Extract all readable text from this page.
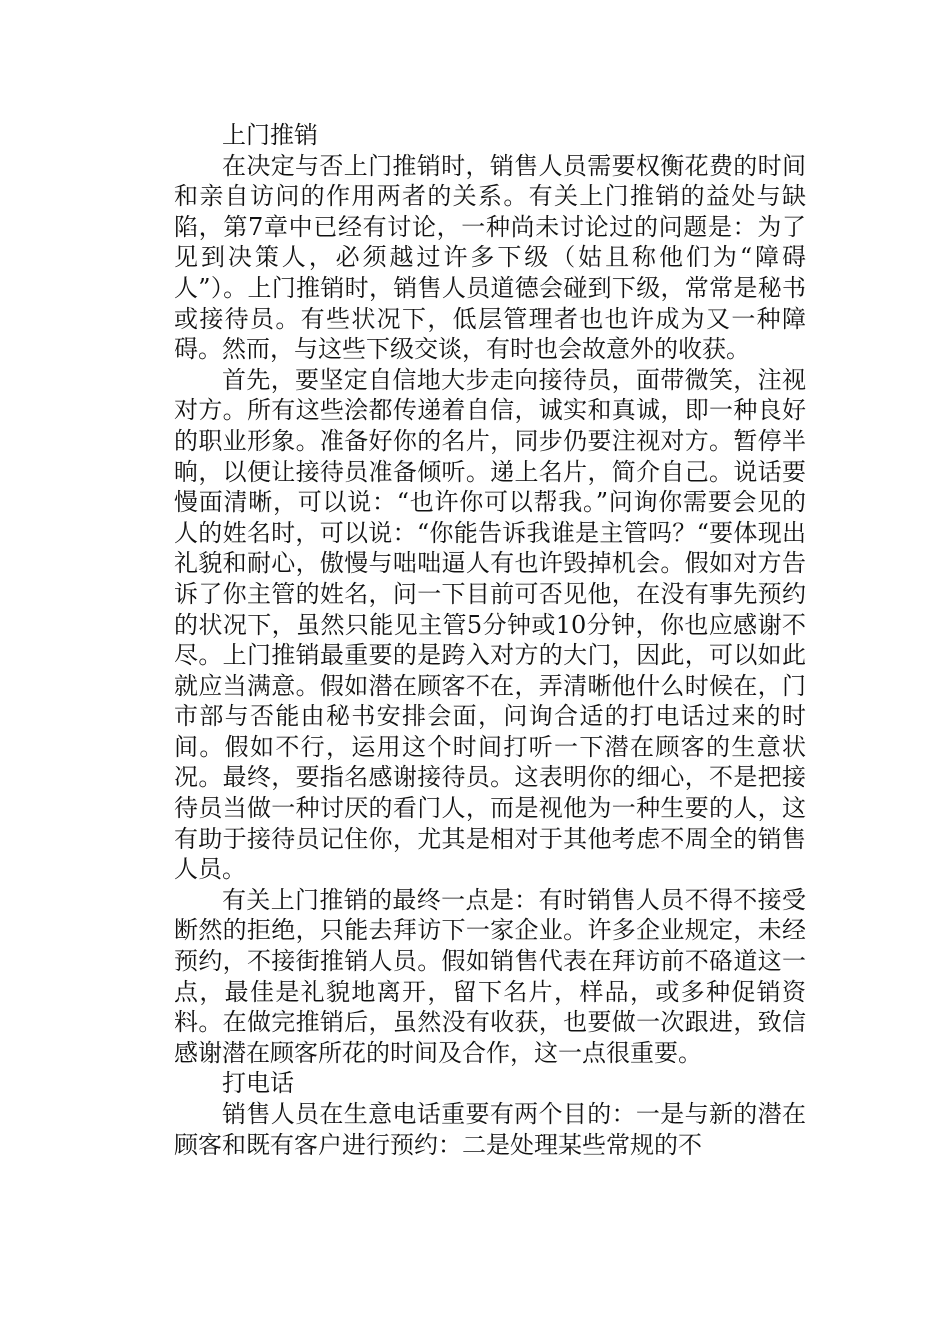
上门推销

在决定与否上门推销时，销售人员需要权衡花费的时间和亲自访问的作用两者的关系。有关上门推销的益处与缺陷，第7章中已经有讨论，一种尚未讨论过的问题是：为了见到决策人，必须越过许多下级（姑且称他们为“障碍人”）。上门推销时，销售人员道德会碰到下级，常常是秘书或接待员。有些状况下，低层管理者也也许成为又一种障碍。然而，与这些下级交谈，有时也会故意外的收获。

首先，要坚定自信地大步走向接待员，面带微笑，注视对方。所有这些浍都传递着自信，诚实和真诚，即一种良好的职业形象。准备好你的名片，同步仍要注视对方。暂停半晌，以便让接待员准备倾听。递上名片，简介自己。说话要慢面清晰，可以说：“也许你可以帮我。”问询你需要会见的人的姓名时，可以说：“你能告诉我谁是主管吗？“要体现出礼貌和耐心，傲慢与咄咄逼人有也许毁掉机会。假如对方告诉了你主管的姓名，问一下目前可否见他，在没有事先预约的状况下，虽然只能见主管5分钟或10分钟，你也应感谢不尽。上门推销最重要的是跨入对方的大门，因此，可以如此就应当满意。假如潜在顾客不在，弄清晰他什么时候在，门市部与否能由秘书安排会面，问询合适的打电话过来的时间。假如不行，运用这个时间打听一下潜在顾客的生意状况。最终，要指名感谢接待员。这表明你的细心，不是把接待员当做一种讨厌的看门人，而是视他为一种生要的人，这有助于接待员记住你，尤其是相对于其他考虑不周全的销售人员。

有关上门推销的最终一点是：有时销售人员不得不接受断然的拒绝，只能去拜访下一家企业。许多企业规定，未经预约，不接街推销人员。假如销售代表在拜访前不硌道这一点，最佳是礼貌地离开，留下名片，样品，或多种促销资料。在做完推销后，虽然没有收获，也要做一次跟进，致信感谢潜在顾客所花的时间及合作，这一点很重要。

打电话

销售人员在生意电话重要有两个目的：一是与新的潜在顾客和既有客户进行预约：二是处理某些常规的不
